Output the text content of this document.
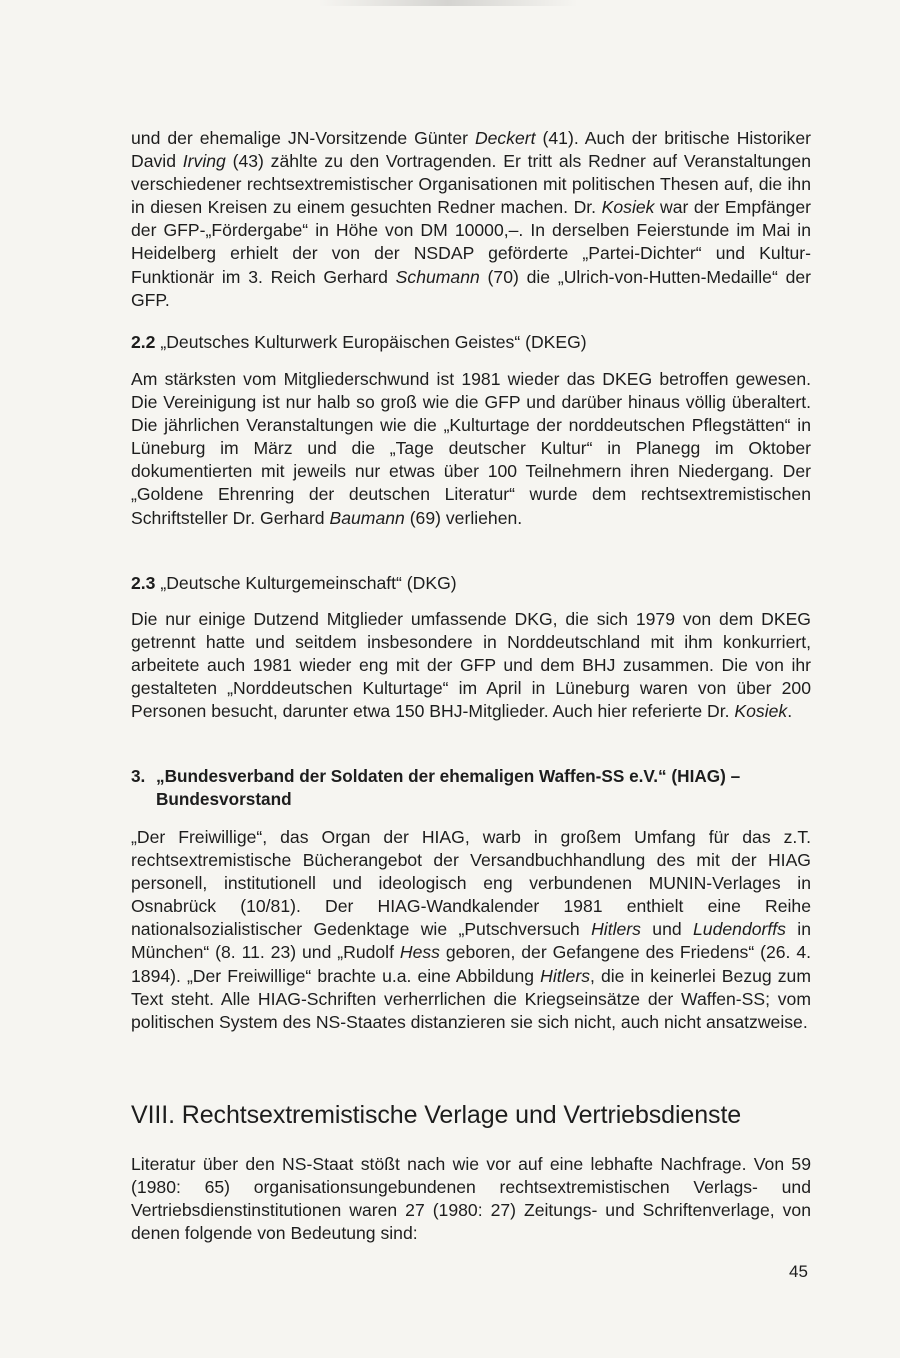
und der ehemalige JN-Vorsitzende Günter Deckert (41). Auch der britische Historiker David Irving (43) zählte zu den Vortragenden. Er tritt als Redner auf Veranstaltungen verschiedener rechtsextremistischer Organisationen mit politischen Thesen auf, die ihn in diesen Kreisen zu einem gesuchten Redner machen. Dr. Kosiek war der Empfänger der GFP-„Fördergabe“ in Höhe von DM 10000,–. In derselben Feierstunde im Mai in Heidelberg erhielt der von der NSDAP geförderte „Partei-Dichter“ und Kultur-Funktionär im 3. Reich Gerhard Schumann (70) die „Ulrich-von-Hutten-Medaille“ der GFP.

2.2 „Deutsches Kulturwerk Europäischen Geistes“ (DKEG)

Am stärksten vom Mitgliederschwund ist 1981 wieder das DKEG betroffen gewesen. Die Vereinigung ist nur halb so groß wie die GFP und darüber hinaus völlig überaltert. Die jährlichen Veranstaltungen wie die „Kulturtage der norddeutschen Pflegstätten“ in Lüneburg im März und die „Tage deutscher Kultur“ in Planegg im Oktober dokumentierten mit jeweils nur etwas über 100 Teilnehmern ihren Niedergang. Der „Goldene Ehrenring der deutschen Literatur“ wurde dem rechtsextremistischen Schriftsteller Dr. Gerhard Baumann (69) verliehen.

2.3 „Deutsche Kulturgemeinschaft“ (DKG)

Die nur einige Dutzend Mitglieder umfassende DKG, die sich 1979 von dem DKEG getrennt hatte und seitdem insbesondere in Norddeutschland mit ihm konkurriert, arbeitete auch 1981 wieder eng mit der GFP und dem BHJ zusammen. Die von ihr gestalteten „Norddeutschen Kulturtage“ im April in Lüneburg waren von über 200 Personen besucht, darunter etwa 150 BHJ-Mitglieder. Auch hier referierte Dr. Kosiek.

3. „Bundesverband der Soldaten der ehemaligen Waffen-SS e.V.“ (HIAG) –
Bundesvorstand

„Der Freiwillige“, das Organ der HIAG, warb in großem Umfang für das z.T. rechtsextremistische Bücherangebot der Versandbuchhandlung des mit der HIAG personell, institutionell und ideologisch eng verbundenen MUNIN-Verlages in Osnabrück (10/81). Der HIAG-Wandkalender 1981 enthielt eine Reihe nationalsozialistischer Gedenktage wie „Putschversuch Hitlers und Ludendorffs in München“ (8. 11. 23) und „Rudolf Hess geboren, der Gefangene des Friedens“ (26. 4. 1894). „Der Freiwillige“ brachte u.a. eine Abbildung Hitlers, die in keinerlei Bezug zum Text steht. Alle HIAG-Schriften verherrlichen die Kriegseinsätze der Waffen-SS; vom politischen System des NS-Staates distanzieren sie sich nicht, auch nicht ansatzweise.

VIII. Rechtsextremistische Verlage und Vertriebsdienste

Literatur über den NS-Staat stößt nach wie vor auf eine lebhafte Nachfrage. Von 59 (1980: 65) organisationsungebundenen rechtsextremistischen Verlags- und Vertriebsdienstinstitutionen waren 27 (1980: 27) Zeitungs- und Schriftenverlage, von denen folgende von Bedeutung sind:

45
